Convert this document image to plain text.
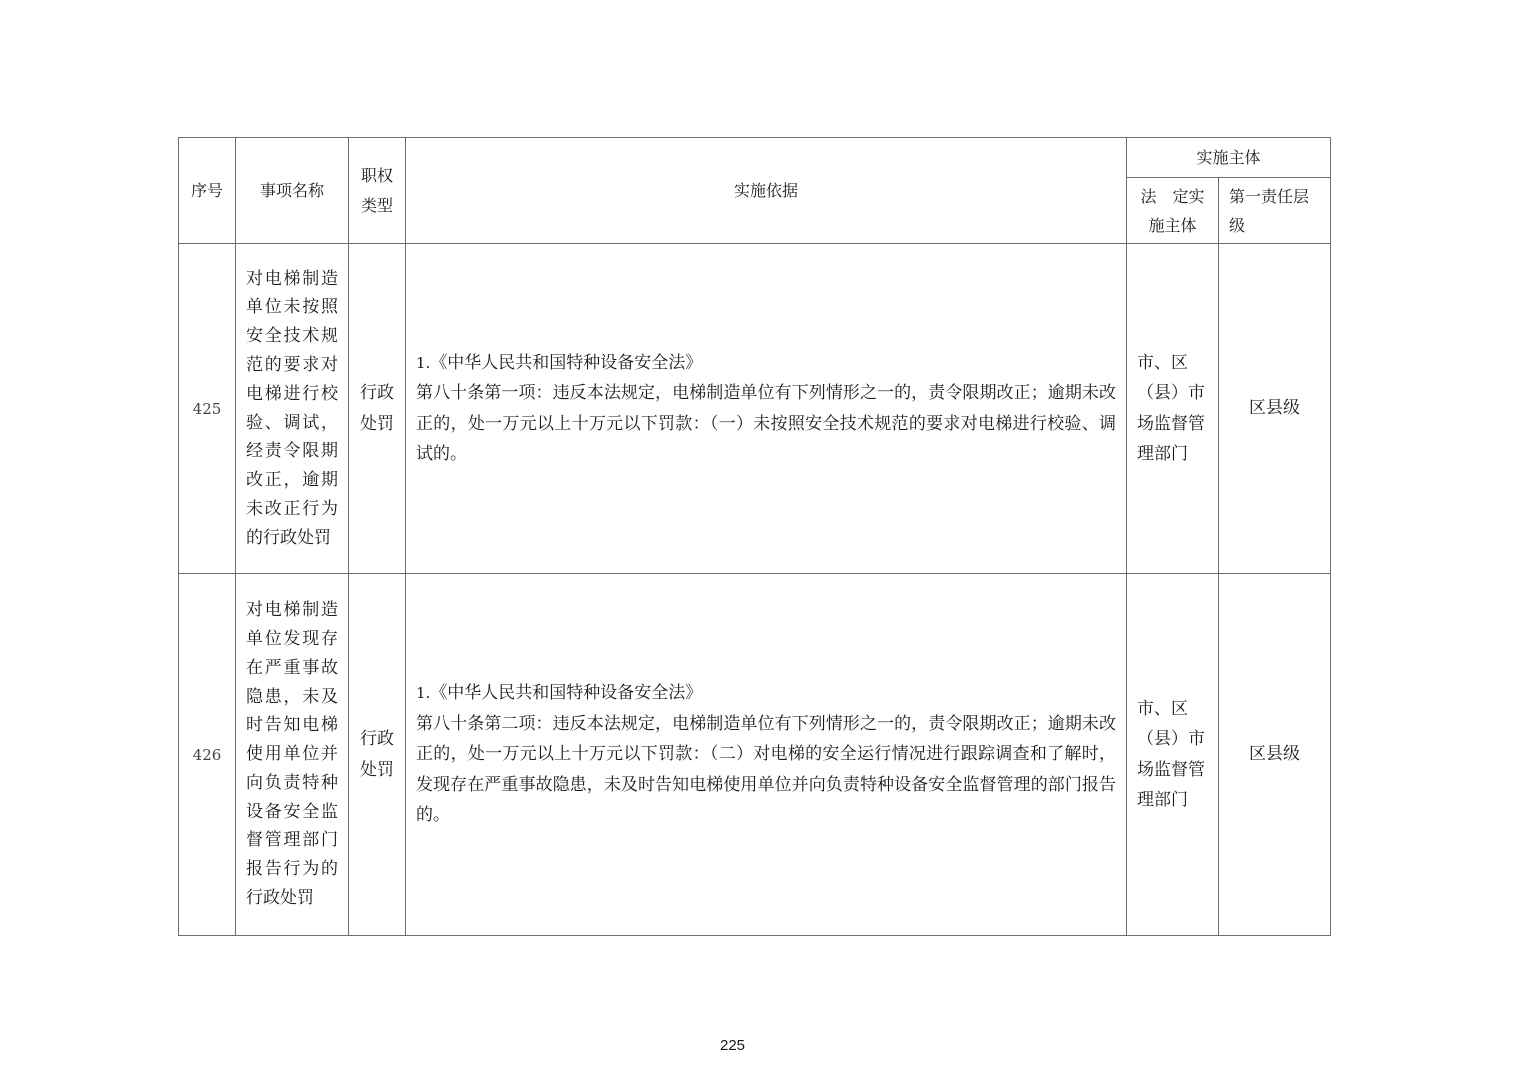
序号	事项名称	职权类型	实施依据	实施主体	
				法　定实施主体	第一责任层级
425	对电梯制造单位未按照安全技术规范的要求对电梯进行校验、调试，经责令限期改正，逾期未改正行为的行政处罚	行政处罚	1.《中华人民共和国特种设备安全法》
第八十条第一项：违反本法规定，电梯制造单位有下列情形之一的，责令限期改正；逾期未改正的，处一万元以上十万元以下罚款：（一）未按照安全技术规范的要求对电梯进行校验、调试的。	市、区（县）市场监督管理部门	区县级
426	对电梯制造单位发现存在严重事故隐患，未及时告知电梯使用单位并向负责特种设备安全监督管理部门报告行为的行政处罚	行政处罚	1.《中华人民共和国特种设备安全法》
第八十条第二项：违反本法规定，电梯制造单位有下列情形之一的，责令限期改正；逾期未改正的，处一万元以上十万元以下罚款：（二）对电梯的安全运行情况进行跟踪调查和了解时，发现存在严重事故隐患，未及时告知电梯使用单位并向负责特种设备安全监督管理的部门报告的。	市、区（县）市场监督管理部门	区县级
225
